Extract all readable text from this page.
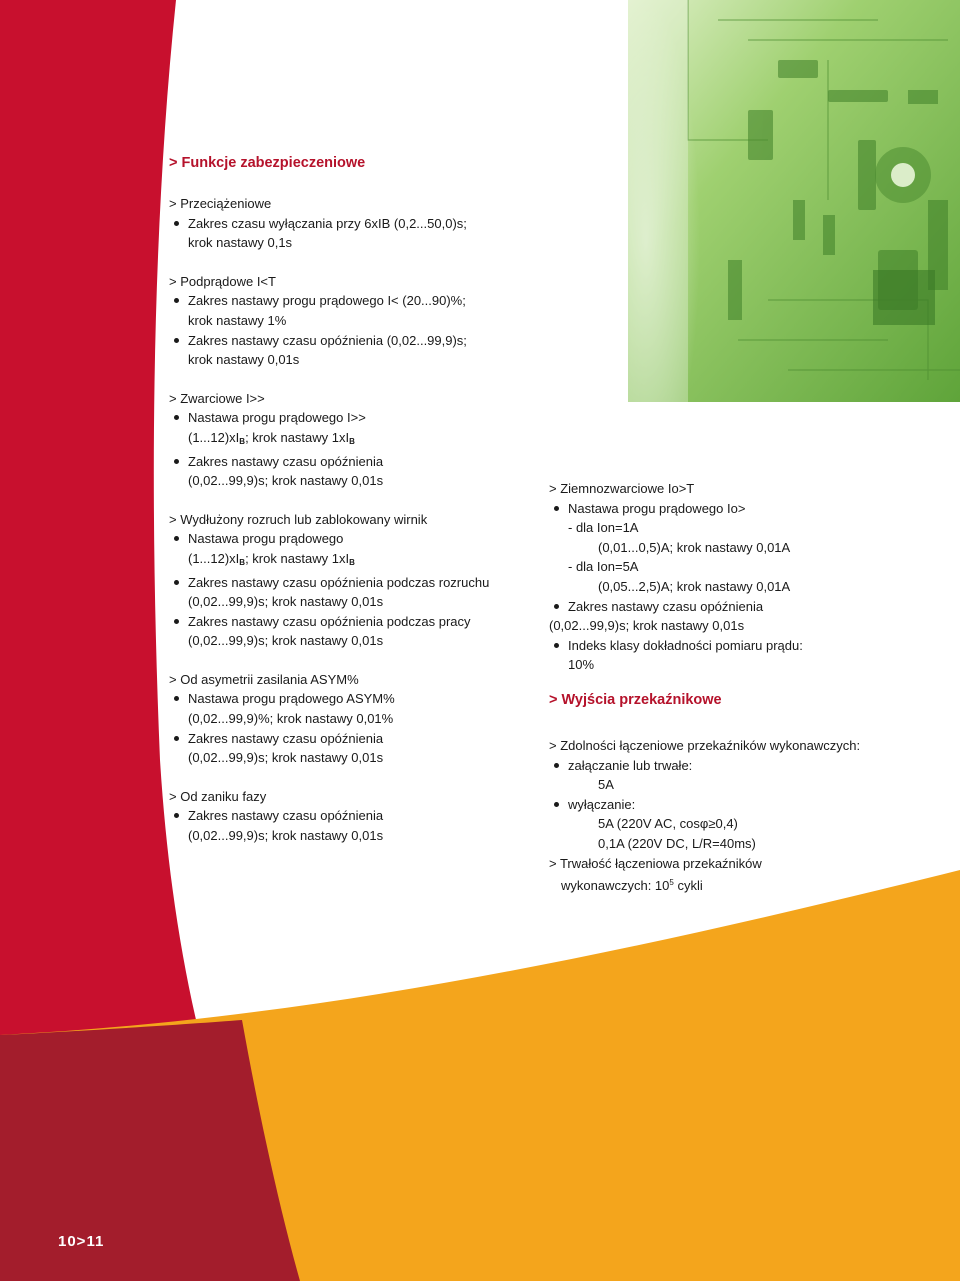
> Funkcje zabezpieczeniowe
> Przeciążeniowe
Zakres czasu wyłączania przy 6xIB (0,2...50,0)s;
krok nastawy 0,1s
> Podprądowe I<T
Zakres nastawy progu prądowego I< (20...90)%;
krok nastawy 1%
Zakres nastawy czasu opóźnienia (0,02...99,9)s;
krok nastawy 0,01s
> Zwarciowe I>>
Nastawa progu prądowego I>>
$(1...12)xI_B$; krok nastawy $1xI_B$
Zakres nastawy czasu opóźnienia
(0,02...99,9)s; krok nastawy 0,01s
> Wydłużony rozruch lub zablokowany wirnik
Nastawa progu prądowego
$(1...12)xI_B$; krok nastawy $1xI_B$
Zakres nastawy czasu opóźnienia podczas rozruchu
(0,02...99,9)s; krok nastawy 0,01s
Zakres nastawy czasu opóźnienia podczas pracy
(0,02...99,9)s; krok nastawy 0,01s
> Od asymetrii zasilania ASYM%
Nastawa progu prądowego ASYM%
(0,02...99,9)%; krok nastawy 0,01%
Zakres nastawy czasu opóźnienia
(0,02...99,9)s; krok nastawy 0,01s
> Od zaniku fazy
Zakres nastawy czasu opóźnienia
(0,02...99,9)s; krok nastawy 0,01s
> Ziemnozwarciowe Io>T
Nastawa progu prądowego Io>
- dla Ion=1A
(0,01...0,5)A; krok nastawy 0,01A
- dla Ion=5A
(0,05...2,5)A; krok nastawy 0,01A
Zakres nastawy czasu opóźnienia
(0,02...99,9)s; krok nastawy 0,01s
Indeks klasy dokładności pomiaru prądu:
10%
> Wyjścia przekaźnikowe
> Zdolności łączeniowe przekaźników wykonawczych:
załączanie lub trwałe:
5A
wyłączanie:
5A (220V AC, cosφ≥0,4)
0,1A (220V DC, L/R=40ms)
> Trwałość łączeniowa przekaźników
wykonawczych: $10^5$ cykli
10>11
